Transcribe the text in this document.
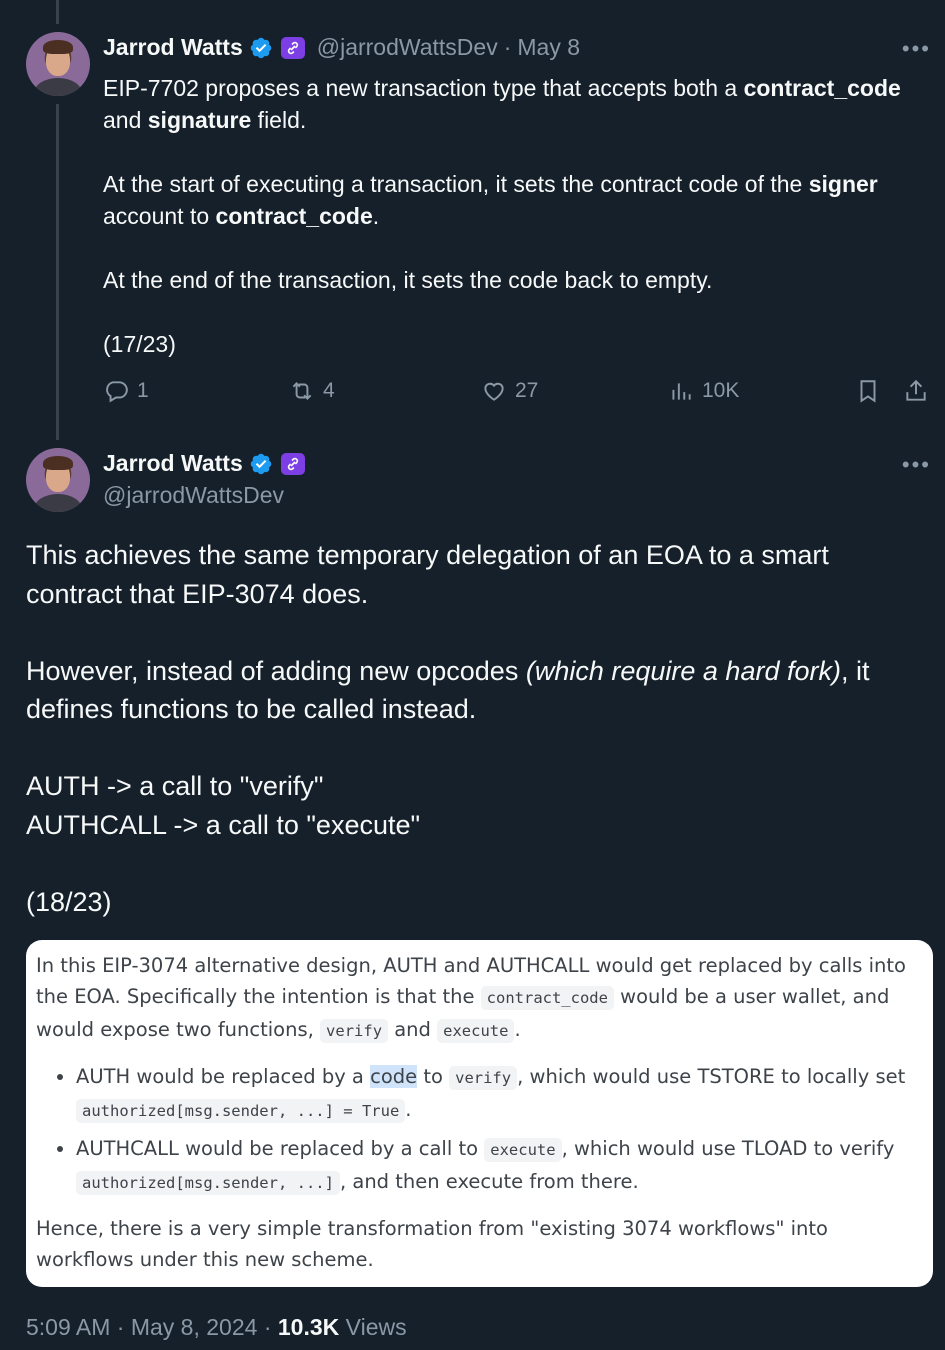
Jarrod Watts	@jarrodWattsDev · May 8	•••

EIP-7702 proposes a new transaction type that accepts both a contract_code and signature field.

At the start of executing a transaction, it sets the contract code of the signer account to contract_code.

At the end of the transaction, it sets the code back to empty.

(17/23)

1	4	27	10K
Jarrod Watts
@jarrodWattsDev
•••

This achieves the same temporary delegation of an EOA to a smart contract that EIP-3074 does.

However, instead of adding new opcodes (which require a hard fork), it defines functions to be called instead.

AUTH -> a call to "verify"
AUTHCALL -> a call to "execute"

(18/23)

In this EIP-3074 alternative design, AUTH and AUTHCALL would get replaced by calls into the EOA. Specifically the intention is that the contract_code would be a user wallet, and would expose two functions, verify and execute .

• AUTH would be replaced by a code to verify , which would use TSTORE to locally set authorized[msg.sender, ...] = True .
• AUTHCALL would be replaced by a call to execute , which would use TLOAD to verify authorized[msg.sender, ...] , and then execute from there.

Hence, there is a very simple transformation from "existing 3074 workflows" into workflows under this new scheme.

5:09 AM · May 8, 2024 · 10.3K Views
